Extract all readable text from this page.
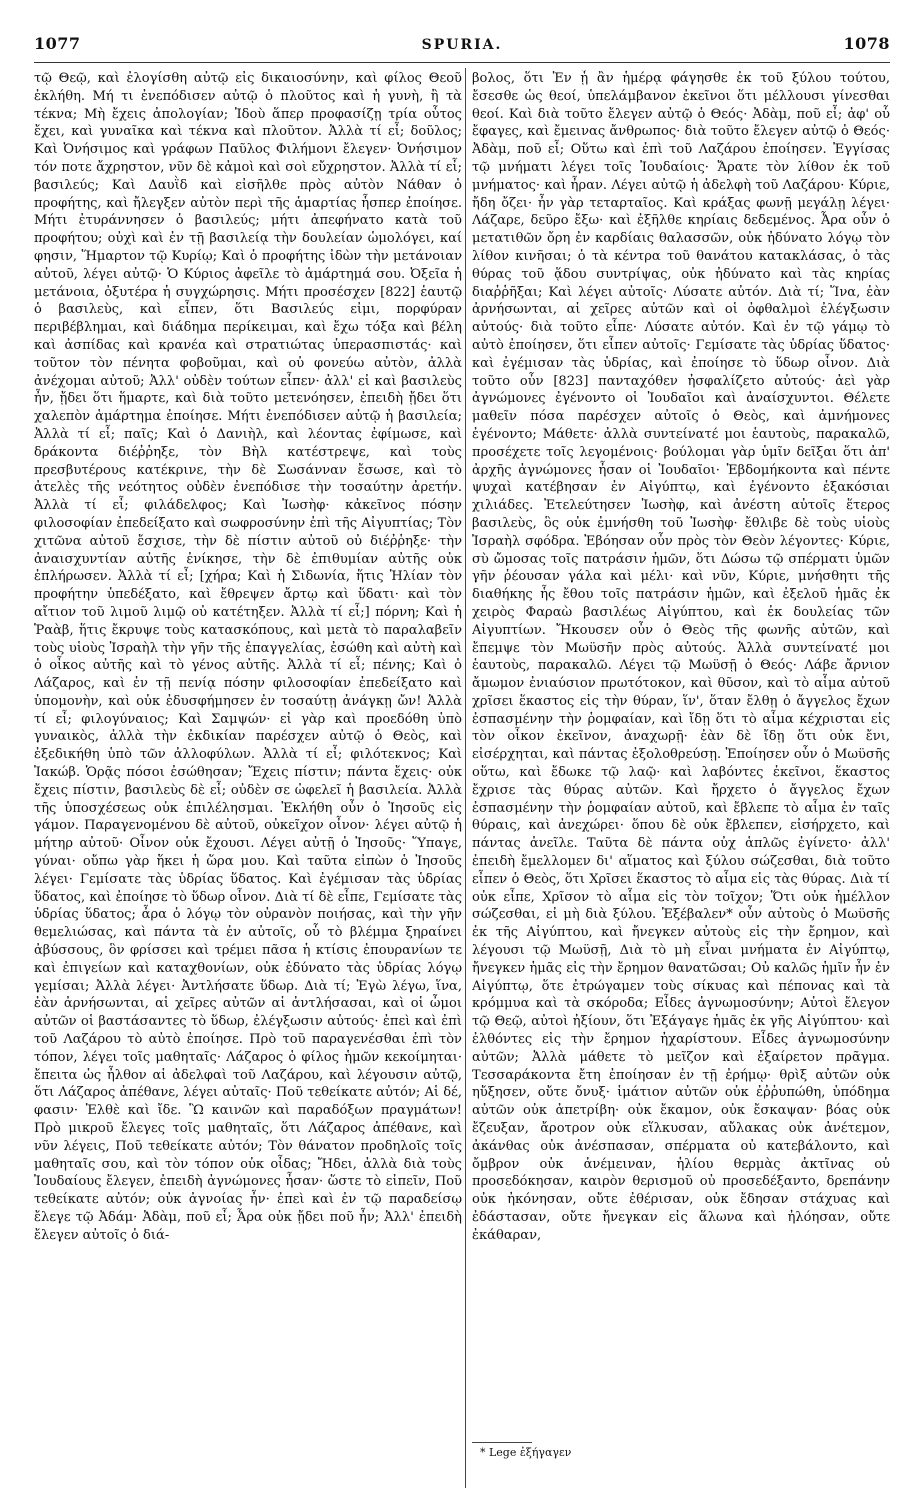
1077	SPURIA.	1078

τῷ Θεῷ, καὶ ἐλογίσθη αὐτῷ εἰς δικαιοσύνην, καὶ φίλος Θεοῦ ἐκλήθη. Μή τι ἐνεπόδισεν αὐτῷ ὁ πλοῦτος καὶ ἡ γυνὴ, ἢ τὰ τέκνα; Μὴ ἔχεις ἀπολογίαν; Ἰδοὺ ἅπερ προφασίζῃ τρία οὗτος ἔχει, καὶ γυναῖκα καὶ τέκνα καὶ πλοῦτον. Ἀλλὰ τί εἶ; δοῦλος; Καὶ Ὀνήσιμος καὶ γράφων Παῦλος Φιλήμονι ἔλεγεν· Ὀνήσιμον τόν ποτε ἄχρηστον, νῦν δὲ κἀμοὶ καὶ σοὶ εὔχρηστον. Ἀλλὰ τί εἶ; βασιλεύς; Καὶ Δαυῒδ καὶ εἰσῆλθε πρὸς αὐτὸν Νάθαν ὁ προφήτης, καὶ ἤλεγξεν αὐτὸν περὶ τῆς ἁμαρτίας ἧσπερ ἐποίησε. Μήτι ἐτυράννησεν ὁ βασιλεύς; μήτι ἀπεφήνατο κατὰ τοῦ προφήτου; οὐχὶ καὶ ἐν τῇ βασιλείᾳ τὴν δουλείαν ὡμολόγει, καί φησιν, Ἥμαρτον τῷ Κυρίῳ; Καὶ ὁ προφήτης ἰδὼν τὴν μετάνοιαν αὐτοῦ, λέγει αὐτῷ· Ὁ Κύριος ἀφεῖλε τὸ ἁμάρτημά σου. Ὀξεῖα ἡ μετάνοια, ὀξυτέρα ἡ συγχώρησις. Μήτι προσέσχεν [822] ἑαυτῷ ὁ βασιλεὺς, καὶ εἶπεν, ὅτι Βασιλεύς εἰμι, πορφύραν περιβέβλημαι, καὶ διάδημα περίκειμαι, καὶ ἔχω τόξα καὶ βέλη καὶ ἀσπίδας καὶ κρανέα καὶ στρατιώτας ὑπερασπιστάς· καὶ τοῦτον τὸν πένητα φοβοῦμαι, καὶ οὐ φονεύω αὐτὸν, ἀλλὰ ἀνέχομαι αὐτοῦ; Ἀλλ' οὐδὲν τούτων εἶπεν· ἀλλ' εἰ καὶ βασιλεὺς ἦν, ᾔδει ὅτι ἥμαρτε, καὶ διὰ τοῦτο μετενόησεν, ἐπειδὴ ᾔδει ὅτι χαλεπὸν ἁμάρτημα ἐποίησε. Μήτι ἐνεπόδισεν αὐτῷ ἡ βασιλεία; Ἀλλὰ τί εἶ; παῖς; Καὶ ὁ Δανιὴλ, καὶ λέοντας ἐφίμωσε, καὶ δράκοντα διέῤῥηξε, τὸν Βὴλ κατέστρεψε, καὶ τοὺς πρεσβυτέρους κατέκρινε, τὴν δὲ Σωσάνναν ἔσωσε, καὶ τὸ ἀτελὲς τῆς νεότητος οὐδὲν ἐνεπόδισε τὴν τοσαύτην ἀρετήν. Ἀλλὰ τί εἶ; φιλάδελφος; Καὶ Ἰωσὴφ· κἀκεῖνος πόσην φιλοσοφίαν ἐπεδείξατο καὶ σωφροσύνην ἐπὶ τῆς Αἰγυπτίας; Τὸν χιτῶνα αὐτοῦ ἔσχισε, τὴν δὲ πίστιν αὐτοῦ οὐ διέῤῥηξε· τὴν ἀναισχυντίαν αὐτῆς ἐνίκησε, τὴν δὲ ἐπιθυμίαν αὐτῆς οὐκ ἐπλήρωσεν. Ἀλλὰ τί εἶ; [χήρα; Καὶ ἡ Σιδωνία, ἥτις Ἠλίαν τὸν προφήτην ὑπεδέξατο, καὶ ἔθρεψεν ἄρτῳ καὶ ὕδατι· καὶ τὸν αἴτιον τοῦ λιμοῦ λιμῷ οὐ κατέτηξεν. Ἀλλὰ τί εἶ;] πόρνη; Καὶ ἡ Ῥαὰβ, ἥτις ἔκρυψε τοὺς κατασκόπους, καὶ μετὰ τὸ παραλαβεῖν τοὺς υἱοὺς Ἰσραὴλ τὴν γῆν τῆς ἐπαγγελίας, ἐσώθη καὶ αὐτὴ καὶ ὁ οἶκος αὐτῆς καὶ τὸ γένος αὐτῆς. Ἀλλὰ τί εἶ; πένης; Καὶ ὁ Λάζαρος, καὶ ἐν τῇ πενίᾳ πόσην φιλοσοφίαν ἐπεδείξατο καὶ ὑπομονὴν, καὶ οὐκ ἐδυσφήμησεν ἐν τοσαύτῃ ἀνάγκῃ ὤν! Ἀλλὰ τί εἶ; φιλογύναιος; Καὶ Σαμψών· εἰ γὰρ καὶ προεδόθη ὑπὸ γυναικὸς, ἀλλὰ τὴν ἐκδικίαν παρέσχεν αὐτῷ ὁ Θεὸς, καὶ ἐξεδικήθη ὑπὸ τῶν ἀλλοφύλων. Ἀλλὰ τί εἶ; φιλότεκνος; Καὶ Ἰακώβ. Ὁρᾷς πόσοι ἐσώθησαν; Ἔχεις πίστιν; πάντα ἔχεις· οὐκ ἔχεις πίστιν, βασιλεὺς δὲ εἶ; οὐδὲν σε ὠφελεῖ ἡ βασιλεία. Ἀλλὰ τῆς ὑποσχέσεως οὐκ ἐπιλέλησμαι. Ἐκλήθη οὖν ὁ Ἰησοῦς εἰς γάμον. Παραγενομένου δὲ αὐτοῦ, οὐκεῖχον οἶνον· λέγει αὐτῷ ἡ μήτηρ αὐτοῦ· Οἶνον οὐκ ἔχουσι. Λέγει αὐτῇ ὁ Ἰησοῦς· Ὕπαγε, γύναι· οὔπω γὰρ ἥκει ἡ ὥρα μου. Καὶ ταῦτα εἰπὼν ὁ Ἰησοῦς λέγει· Γεμίσατε τὰς ὑδρίας ὕδατος. Καὶ ἐγέμισαν τὰς ὑδρίας ὕδατος, καὶ ἐποίησε τὸ ὕδωρ οἶνον. Διὰ τί δὲ εἶπε, Γεμίσατε τὰς ὑδρίας ὕδατος; ἆρα ὁ λόγῳ τὸν οὐρανὸν ποιήσας, καὶ τὴν γῆν θεμελιώσας, καὶ πάντα τὰ ἐν αὐτοῖς, οὗ τὸ βλέμμα ξηραίνει ἀβύσσους, ὃν φρίσσει καὶ τρέμει πᾶσα ἡ κτίσις ἐπουρανίων τε καὶ ἐπιγείων καὶ καταχθονίων, οὐκ ἐδύνατο τὰς ὑδρίας λόγῳ γεμίσαι; Ἀλλὰ λέγει· Ἀντλήσατε ὕδωρ. Διὰ τί; Ἐγὼ λέγω, ἵνα, ἐὰν ἀρνήσωνται, αἱ χεῖρες αὐτῶν αἱ ἀντλήσασαι, καὶ οἱ ὦμοι αὐτῶν οἱ βαστάσαντες τὸ ὕδωρ, ἐλέγξωσιν αὐτούς· ἐπεὶ καὶ ἐπὶ τοῦ Λαζάρου τὸ αὐτὸ ἐποίησε. Πρὸ τοῦ παραγενέσθαι ἐπὶ τὸν τόπον, λέγει τοῖς μαθηταῖς· Λάζαρος ὁ φίλος ἡμῶν κεκοίμηται· ἔπειτα ὡς ἦλθον αἱ ἀδελφαὶ τοῦ Λαζάρου, καὶ λέγουσιν αὐτῷ, ὅτι Λάζαρος ἀπέθανε, λέγει αὐταῖς· Ποῦ τεθείκατε αὐτόν; Αἱ δέ, φασιν· Ἐλθὲ καὶ ἴδε. Ὢ καινῶν καὶ παραδόξων πραγμάτων! Πρὸ μικροῦ ἔλεγες τοῖς μαθηταῖς, ὅτι Λάζαρος ἀπέθανε, καὶ νῦν λέγεις, Ποῦ τεθείκατε αὐτόν; Τὸν θάνατον προδηλοῖς τοῖς μαθηταῖς σου, καὶ τὸν τόπον οὐκ οἶδας; Ἤδει, ἀλλὰ διὰ τοὺς Ἰουδαίους ἔλεγεν, ἐπειδὴ ἀγνώμονες ἦσαν· ὥστε τὸ εἰπεῖν, Ποῦ τεθείκατε αὐτόν; οὐκ ἀγνοίας ἦν· ἐπεὶ καὶ ἐν τῷ παραδείσῳ ἔλεγε τῷ Ἀδάμ· Ἀδὰμ, ποῦ εἶ; Ἆρα οὐκ ᾔδει ποῦ ἦν; Ἀλλ' ἐπειδὴ ἔλεγεν αὐτοῖς ὁ διά-

βολος, ὅτι Ἐν ᾗ ἂν ἡμέρᾳ φάγησθε ἐκ τοῦ ξύλου τούτου, ἔσεσθε ὡς θεοί, ὑπελάμβανον ἐκεῖνοι ὅτι μέλλουσι γίνεσθαι θεοί. Καὶ διὰ τοῦτο ἔλεγεν αὐτῷ ὁ Θεός· Ἀδὰμ, ποῦ εἶ; ἀφ' οὗ ἔφαγες, καὶ ἔμεινας ἄνθρωπος· διὰ τοῦτο ἔλεγεν αὐτῷ ὁ Θεός· Ἀδὰμ, ποῦ εἶ; Οὕτω καὶ ἐπὶ τοῦ Λαζάρου ἐποίησεν. Ἐγγίσας τῷ μνήματι λέγει τοῖς Ἰουδαίοις· Ἄρατε τὸν λίθον ἐκ τοῦ μνήματος· καὶ ἦραν. Λέγει αὐτῷ ἡ ἀδελφὴ τοῦ Λαζάρου· Κύριε, ἤδη ὄζει· ἦν γὰρ τεταρταῖος. Καὶ κράξας φωνῇ μεγάλῃ λέγει· Λάζαρε, δεῦρο ἔξω· καὶ ἐξῆλθε κηρίαις δεδεμένος. Ἆρα οὖν ὁ μετατιθῶν ὄρη ἐν καρδίαις θαλασσῶν, οὐκ ἠδύνατο λόγῳ τὸν λίθον κινῆσαι; ὁ τὰ κέντρα τοῦ θανάτου κατακλάσας, ὁ τὰς θύρας τοῦ ᾅδου συντρίψας, οὐκ ἠδύνατο καὶ τὰς κηρίας διαῤῥῆξαι; Καὶ λέγει αὐτοῖς· Λύσατε αὐτόν. Διὰ τί; Ἵνα, ἐὰν ἀρνήσωνται, αἱ χεῖρες αὐτῶν καὶ οἱ ὀφθαλμοὶ ἐλέγξωσιν αὐτούς· διὰ τοῦτο εἶπε· Λύσατε αὐτόν. Καὶ ἐν τῷ γάμῳ τὸ αὐτὸ ἐποίησεν, ὅτι εἶπεν αὐτοῖς· Γεμίσατε τὰς ὑδρίας ὕδατος· καὶ ἐγέμισαν τὰς ὑδρίας, καὶ ἐποίησε τὸ ὕδωρ οἶνον. Διὰ τοῦτο οὖν [823] πανταχόθεν ἠσφαλίζετο αὐτούς· ἀεὶ γὰρ ἀγνώμονες ἐγένοντο οἱ Ἰουδαῖοι καὶ ἀναίσχυντοι. Θέλετε μαθεῖν πόσα παρέσχεν αὐτοῖς ὁ Θεὸς, καὶ ἀμνήμονες ἐγένοντο; Μάθετε· ἀλλὰ συντείνατέ μοι ἑαυτοὺς, παρακαλῶ, προσέχετε τοῖς λεγομένοις· βούλομαι γὰρ ὑμῖν δεῖξαι ὅτι ἀπ' ἀρχῆς ἀγνώμονες ἦσαν οἱ Ἰουδαῖοι· Ἑβδομήκοντα καὶ πέντε ψυχαὶ κατέβησαν ἐν Αἰγύπτῳ, καὶ ἐγένοντο ἑξακόσιαι χιλιάδες. Ἐτελεύτησεν Ἰωσὴφ, καὶ ἀνέστη αὐτοῖς ἕτερος βασιλεὺς, ὃς οὐκ ἐμνήσθη τοῦ Ἰωσὴφ· ἔθλιβε δὲ τοὺς υἱοὺς Ἰσραὴλ σφόδρα. Ἐβόησαν οὖν πρὸς τὸν Θεὸν λέγοντες· Κύριε, σὺ ὤμοσας τοῖς πατράσιν ἡμῶν, ὅτι Δώσω τῷ σπέρματι ὑμῶν γῆν ῥέουσαν γάλα καὶ μέλι· καὶ νῦν, Κύριε, μνήσθητι τῆς διαθήκης ἧς ἔθου τοῖς πατράσιν ἡμῶν, καὶ ἐξελοῦ ἡμᾶς ἐκ χειρὸς Φαραὼ βασιλέως Αἰγύπτου, καὶ ἐκ δουλείας τῶν Αἰγυπτίων. Ἤκουσεν οὖν ὁ Θεὸς τῆς φωνῆς αὐτῶν, καὶ ἔπεμψε τὸν Μωϋσῆν πρὸς αὐτούς. Ἀλλὰ συντείνατέ μοι ἑαυτοὺς, παρακαλῶ. Λέγει τῷ Μωϋσῇ ὁ Θεός· Λάβε ἄρνιον ἄμωμον ἐνιαύσιον πρωτότοκον, καὶ θῦσον, καὶ τὸ αἷμα αὐτοῦ χρῖσει ἕκαστος εἰς τὴν θύραν, ἵν', ὅταν ἔλθῃ ὁ ἄγγελος ἔχων ἐσπασμένην τὴν ῥομφαίαν, καὶ ἴδῃ ὅτι τὸ αἷμα κέχρισται εἰς τὸν οἶκον ἐκεῖνον, ἀναχωρῇ· ἐὰν δὲ ἴδῃ ὅτι οὐκ ἔνι, εἰσέρχηται, καὶ πάντας ἐξολοθρεύσῃ. Ἐποίησεν οὖν ὁ Μωϋσῆς οὕτω, καὶ ἔδωκε τῷ λαῷ· καὶ λαβόντες ἐκεῖνοι, ἕκαστος ἔχρισε τὰς θύρας αὐτῶν. Καὶ ἤρχετο ὁ ἄγγελος ἔχων ἐσπασμένην τὴν ῥομφαίαν αὐτοῦ, καὶ ἔβλεπε τὸ αἷμα ἐν ταῖς θύραις, καὶ ἀνεχώρει· ὅπου δὲ οὐκ ἔβλεπεν, εἰσήρχετο, καὶ πάντας ἀνεῖλε. Ταῦτα δὲ πάντα οὐχ ἁπλῶς ἐγίνετο· ἀλλ' ἐπειδὴ ἔμελλομεν δι' αἵματος καὶ ξύλου σώζεσθαι, διὰ τοῦτο εἶπεν ὁ Θεὸς, ὅτι Χρῖσει ἕκαστος τὸ αἷμα εἰς τὰς θύρας. Διὰ τί οὐκ εἶπε, Χρῖσον τὸ αἷμα εἰς τὸν τοῖχον; Ὅτι οὐκ ἠμέλλον σώζεσθαι, εἰ μὴ διὰ ξύλου. Ἐξέβαλεν* οὖν αὐτοὺς ὁ Μωϋσῆς ἐκ τῆς Αἰγύπτου, καὶ ἤνεγκεν αὐτοὺς εἰς τὴν ἔρημον, καὶ λέγουσι τῷ Μωϋσῇ, Διὰ τὸ μὴ εἶναι μνήματα ἐν Αἰγύπτῳ, ἤνεγκεν ἡμᾶς εἰς τὴν ἔρημον θανατῶσαι; Οὐ καλῶς ἡμῖν ἦν ἐν Αἰγύπτῳ, ὅτε ἐτρώγαμεν τοὺς σίκυας καὶ πέπονας καὶ τὰ κρόμμυα καὶ τὰ σκόροδα; Εἶδες ἀγνωμοσύνην; Αὐτοὶ ἔλεγον τῷ Θεῷ, αὐτοὶ ἠξίουν, ὅτι Ἐξάγαγε ἡμᾶς ἐκ γῆς Αἰγύπτου· καὶ ἐλθόντες εἰς τὴν ἔρημον ἠχαρίστουν. Εἶδες ἀγνωμοσύνην αὐτῶν; Ἀλλὰ μάθετε τὸ μεῖζον καὶ ἐξαίρετον πρᾶγμα. Τεσσαράκοντα ἔτη ἐποίησαν ἐν τῇ ἐρήμῳ· θρὶξ αὐτῶν οὐκ ηὔξησεν, οὔτε ὄνυξ· ἱμάτιον αὐτῶν οὐκ ἐῤῥυπώθη, ὑπόδημα αὐτῶν οὐκ ἀπετρίβη· οὐκ ἔκαμον, οὐκ ἔσκαψαν· βόας οὐκ ἔζευξαν, ἄροτρον οὐκ εἵλκυσαν, αὔλακας οὐκ ἀνέτεμον, ἀκάνθας οὐκ ἀνέσπασαν, σπέρματα οὐ κατεβάλοντο, καὶ ὄμβρον οὐκ ἀνέμειναν, ἡλίου θερμὰς ἀκτῖνας οὐ προσεδόκησαν, καιρὸν θερισμοῦ οὐ προσεδέξαντο, δρεπάνην οὐκ ἠκόνησαν, οὔτε ἐθέρισαν, οὐκ ἔδησαν στάχυας καὶ ἐδάστασαν, οὔτε ἤνεγκαν εἰς ἅλωνα καὶ ἠλόησαν, οὔτε ἐκάθαραν,

* Lege ἐξήγαγεν
